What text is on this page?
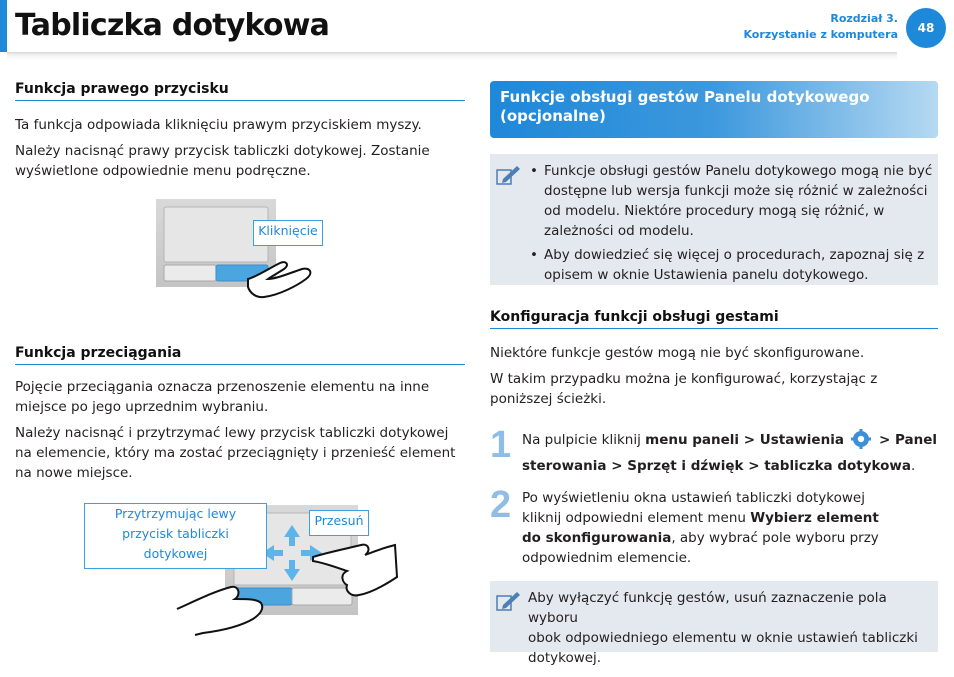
Tabliczka dotykowa	Rozdział 3.
Korzystanie z komputera	48
Funkcja prawego przycisku
Ta funkcja odpowiada kliknięciu prawym przyciskiem myszy.
Należy nacisnąć prawy przycisk tabliczki dotykowej. Zostanie
wyświetlone odpowiednie menu podręczne.
Kliknięcie
Funkcja przeciągania
Pojęcie przeciągania oznacza przenoszenie elementu na inne
miejsce po jego uprzednim wybraniu.
Należy nacisnąć i przytrzymać lewy przycisk tabliczki dotykowej
na elemencie, który ma zostać przeciągnięty i przenieść element
na nowe miejsce.
Przytrzymując lewy
przycisk tabliczki
dotykowej
Przesuń
Funkcje obsługi gestów Panelu dotykowego
(opcjonalne)
• Funkcje obsługi gestów Panelu dotykowego mogą nie być
dostępne lub wersja funkcji może się różnić w zależności
od modelu. Niektóre procedury mogą się różnić, w
zależności od modelu.
• Aby dowiedzieć się więcej o procedurach, zapoznaj się z
opisem w oknie Ustawienia panelu dotykowego.
Konfiguracja funkcji obsługi gestami
Niektóre funkcje gestów mogą nie być skonfigurowane.
W takim przypadku można je konfigurować, korzystając z
poniższej ścieżki.
1 Na pulpicie kliknij menu paneli > Ustawienia  > Panel
sterowania > Sprzęt i dźwięk > tabliczka dotykowa.
2 Po wyświetleniu okna ustawień tabliczki dotykowej
kliknij odpowiedni element menu Wybierz element
do skonfigurowania, aby wybrać pole wyboru przy
odpowiednim elemencie.
Aby wyłączyć funkcję gestów, usuń zaznaczenie pola wyboru
obok odpowiedniego elementu w oknie ustawień tabliczki
dotykowej.
